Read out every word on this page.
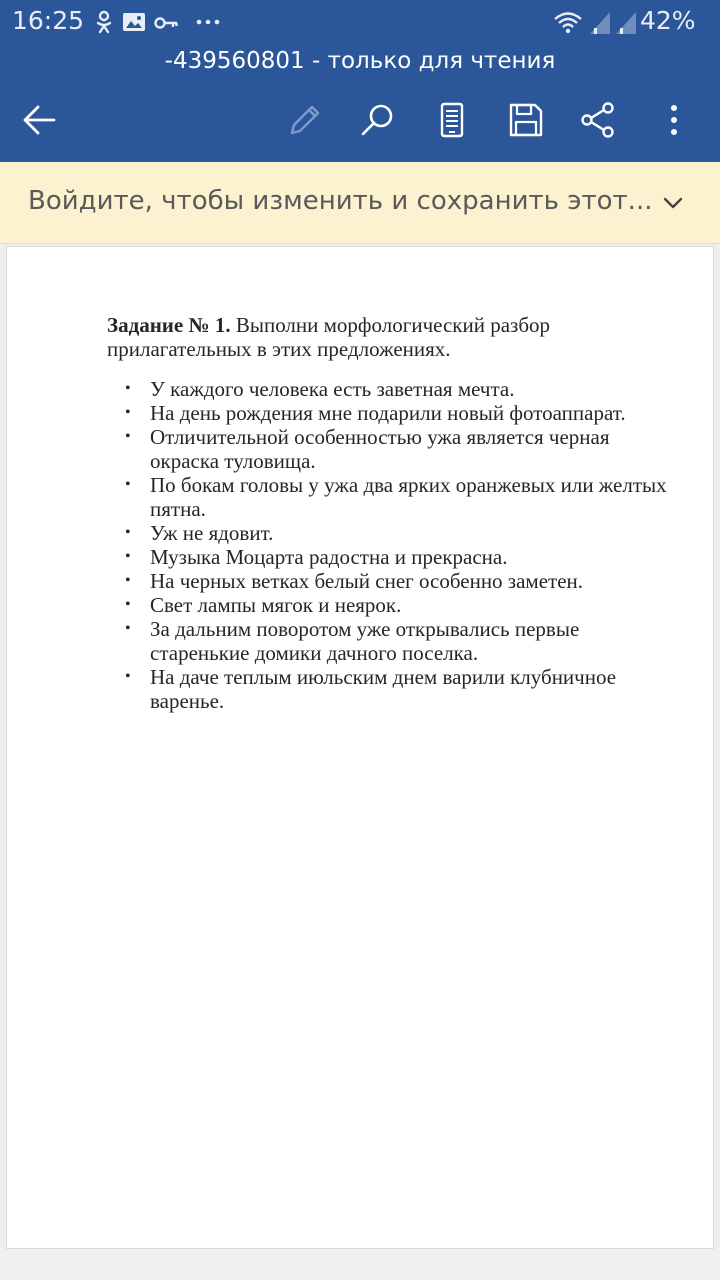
16:25	42%
-439560801 - только для чтения
Войдите, чтобы изменить и сохранить этот...

Задание № 1. Выполни морфологический разбор прилагательных в этих предложениях.

• У каждого человека есть заветная мечта.
• На день рождения мне подарили новый фотоаппарат.
• Отличительной особенностью ужа является черная окраска туловища.
• По бокам головы у ужа два ярких оранжевых или желтых пятна.
• Уж не ядовит.
• Музыка Моцарта радостна и прекрасна.
• На черных ветках белый снег особенно заметен.
• Свет лампы мягок и неярок.
• За дальним поворотом уже открывались первые старенькие домики дачного поселка.
• На даче теплым июльским днем варили клубничное варенье.
